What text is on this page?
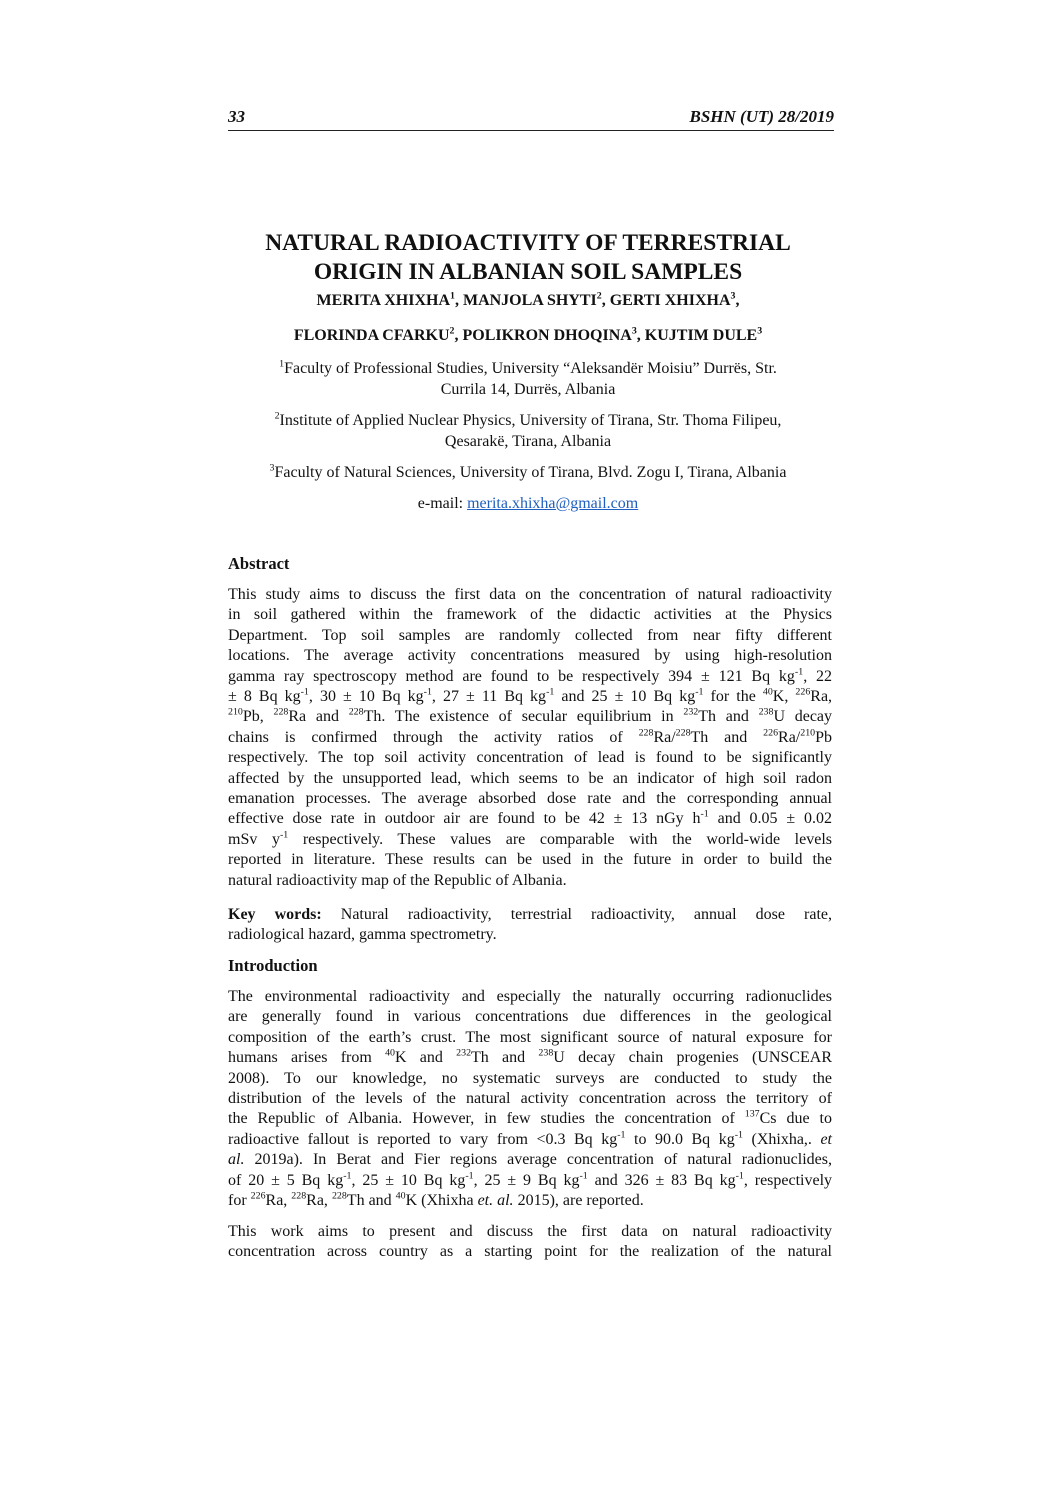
33	BSHN (UT) 28/2019
NATURAL RADIOACTIVITY OF TERRESTRIAL
ORIGIN IN ALBANIAN SOIL SAMPLES

MERITA XHIXHA$^1$, MANJOLA SHYTI$^2$, GERTI XHIXHA$^3$,

FLORINDA CFARKU$^2$, POLIKRON DHOQINA$^3$, KUJTIM DULE$^3$

$^1$Faculty of Professional Studies, University “Aleksandër Moisiu” Durrës, Str.
Currila 14, Durrës, Albania

$^2$Institute of Applied Nuclear Physics, University of Tirana, Str. Thoma Filipeu,
Qesarakë, Tirana, Albania

$^3$Faculty of Natural Sciences, University of Tirana, Blvd. Zogu I, Tirana, Albania

e-mail: merita.xhixha@gmail.com

Abstract

This study aims to discuss the first data on the concentration of natural radioactivity
in soil gathered within the framework of the didactic activities at the Physics
Department. Top soil samples are randomly collected from near fifty different
locations. The average activity concentrations measured by using high-resolution
gamma ray spectroscopy method are found to be respectively 394 ± 121 Bq $kg^{-1}$, 22
± 8 Bq $kg^{-1}$, 30 ± 10 Bq $kg^{-1}$, 27 ± 11 Bq $kg^{-1}$ and 25 ± 10 Bq $kg^{-1}$ for the $^{40}$K, $^{226}$Ra,
$^{210}$Pb, $^{228}$Ra and $^{228}$Th. The existence of secular equilibrium in $^{232}$Th and $^{238}$U decay
chains is confirmed through the activity ratios of $^{228}$Ra/$^{228}$Th and $^{226}$Ra/$^{210}$Pb
respectively. The top soil activity concentration of lead is found to be significantly
affected by the unsupported lead, which seems to be an indicator of high soil radon
emanation processes. The average absorbed dose rate and the corresponding annual
effective dose rate in outdoor air are found to be 42 ± 13 nGy $h^{-1}$ and 0.05 ± 0.02
mSv $y^{-1}$ respectively. These values are comparable with the world-wide levels
reported in literature. These results can be used in the future in order to build the
natural radioactivity map of the Republic of Albania.
Key words: Natural radioactivity, terrestrial radioactivity, annual dose rate,
radiological hazard, gamma spectrometry.

Introduction

The environmental radioactivity and especially the naturally occurring radionuclides
are generally found in various concentrations due differences in the geological
composition of the earth’s crust. The most significant source of natural exposure for
humans arises from $^{40}$K and $^{232}$Th and $^{238}$U decay chain progenies (UNSCEAR
2008). To our knowledge, no systematic surveys are conducted to study the
distribution of the levels of the natural activity concentration across the territory of
the Republic of Albania. However, in few studies the concentration of $^{137}$Cs due to
radioactive fallout is reported to vary from <0.3 Bq $kg^{-1}$ to 90.0 Bq $kg^{-1}$ (Xhixha,. et
al. 2019a). In Berat and Fier regions average concentration of natural radionuclides,
of 20 ± 5 Bq $kg^{-1}$, 25 ± 10 Bq $kg^{-1}$, 25 ± 9 Bq $kg^{-1}$ and 326 ± 83 Bq $kg^{-1}$, respectively
for $^{226}$Ra, $^{228}$Ra, $^{228}$Th and $^{40}$K (Xhixha et. al. 2015), are reported.
This work aims to present and discuss the first data on natural radioactivity
concentration across country as a starting point for the realization of the natural
